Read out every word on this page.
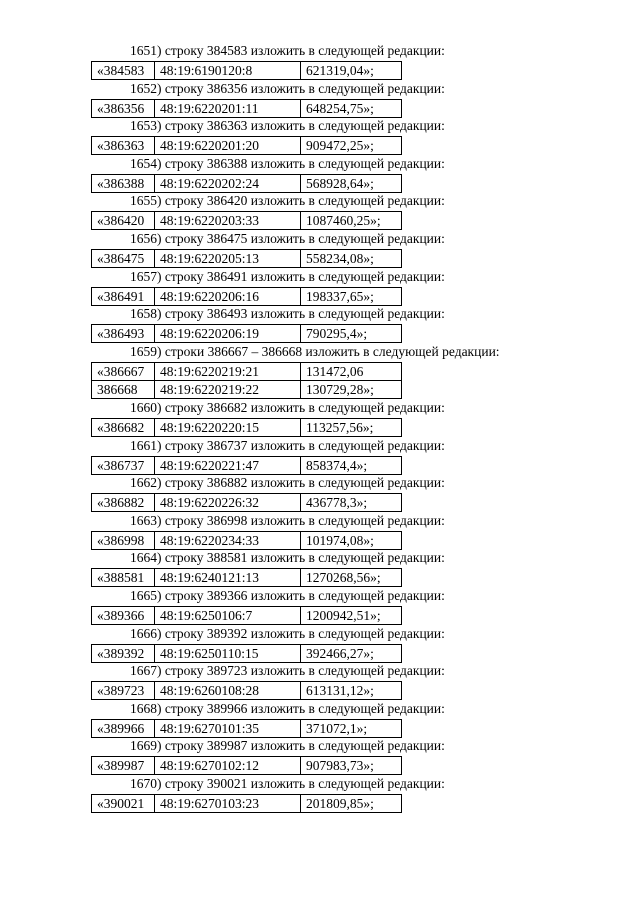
1651) строку 384583 изложить в следующей редакции:
«384583	48:19:6190120:8	621319,04»;
1652) строку 386356 изложить в следующей редакции:
«386356	48:19:6220201:11	648254,75»;
1653) строку 386363 изложить в следующей редакции:
«386363	48:19:6220201:20	909472,25»;
1654) строку 386388 изложить в следующей редакции:
«386388	48:19:6220202:24	568928,64»;
1655) строку 386420 изложить в следующей редакции:
«386420	48:19:6220203:33	1087460,25»;
1656) строку 386475 изложить в следующей редакции:
«386475	48:19:6220205:13	558234,08»;
1657) строку 386491 изложить в следующей редакции:
«386491	48:19:6220206:16	198337,65»;
1658) строку 386493 изложить в следующей редакции:
«386493	48:19:6220206:19	790295,4»;
1659) строки 386667 – 386668 изложить в следующей редакции:
«386667	48:19:6220219:21	131472,06
386668	48:19:6220219:22	130729,28»;
1660) строку 386682 изложить в следующей редакции:
«386682	48:19:6220220:15	113257,56»;
1661) строку 386737 изложить в следующей редакции:
«386737	48:19:6220221:47	858374,4»;
1662) строку 386882 изложить в следующей редакции:
«386882	48:19:6220226:32	436778,3»;
1663) строку 386998 изложить в следующей редакции:
«386998	48:19:6220234:33	101974,08»;
1664) строку 388581 изложить в следующей редакции:
«388581	48:19:6240121:13	1270268,56»;
1665) строку 389366 изложить в следующей редакции:
«389366	48:19:6250106:7	1200942,51»;
1666) строку 389392 изложить в следующей редакции:
«389392	48:19:6250110:15	392466,27»;
1667) строку 389723 изложить в следующей редакции:
«389723	48:19:6260108:28	613131,12»;
1668) строку 389966 изложить в следующей редакции:
«389966	48:19:6270101:35	371072,1»;
1669) строку 389987 изложить в следующей редакции:
«389987	48:19:6270102:12	907983,73»;
1670) строку 390021 изложить в следующей редакции:
«390021	48:19:6270103:23	201809,85»;
